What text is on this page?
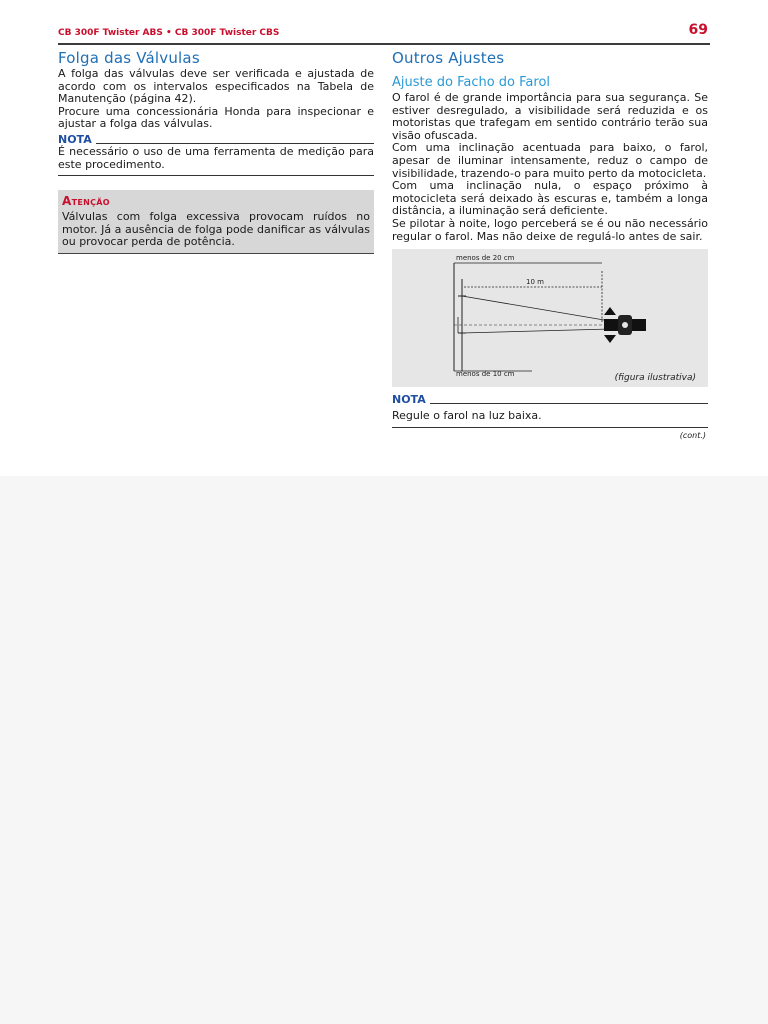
CB 300F Twister ABS • CB 300F Twister CBS	69
Folga das Válvulas

A folga das válvulas deve ser verificada e ajustada de acordo com os intervalos especificados na Tabela de Manutenção (página 42).

Procure uma concessionária Honda para inspecionar e ajustar a folga das válvulas.

NOTA

É necessário o uso de uma ferramenta de medição para este procedimento.

Atenção

Válvulas com folga excessiva provocam ruídos no motor. Já a ausência de folga pode danificar as válvulas ou provocar perda de potência.

Outros Ajustes
Ajuste do Facho do Farol

O farol é de grande importância para sua segurança. Se estiver desregulado, a visibilidade será reduzida e os motoristas que trafegam em sentido contrário terão sua visão ofuscada.

Com uma inclinação acentuada para baixo, o farol, apesar de iluminar intensamente, reduz o campo de visibilidade, trazendo-o para muito perto da motocicleta.

Com uma inclinação nula, o espaço próximo à motocicleta será deixado às escuras e, também a longa distância, a iluminação será deficiente.

Se pilotar à noite, logo perceberá se é ou não necessário regular o farol. Mas não deixe de regulá-lo antes de sair.

menos de 20 cm
10 m
menos de 10 cm	(figura ilustrativa)
NOTA

Regule o farol na luz baixa.

(cont.)
